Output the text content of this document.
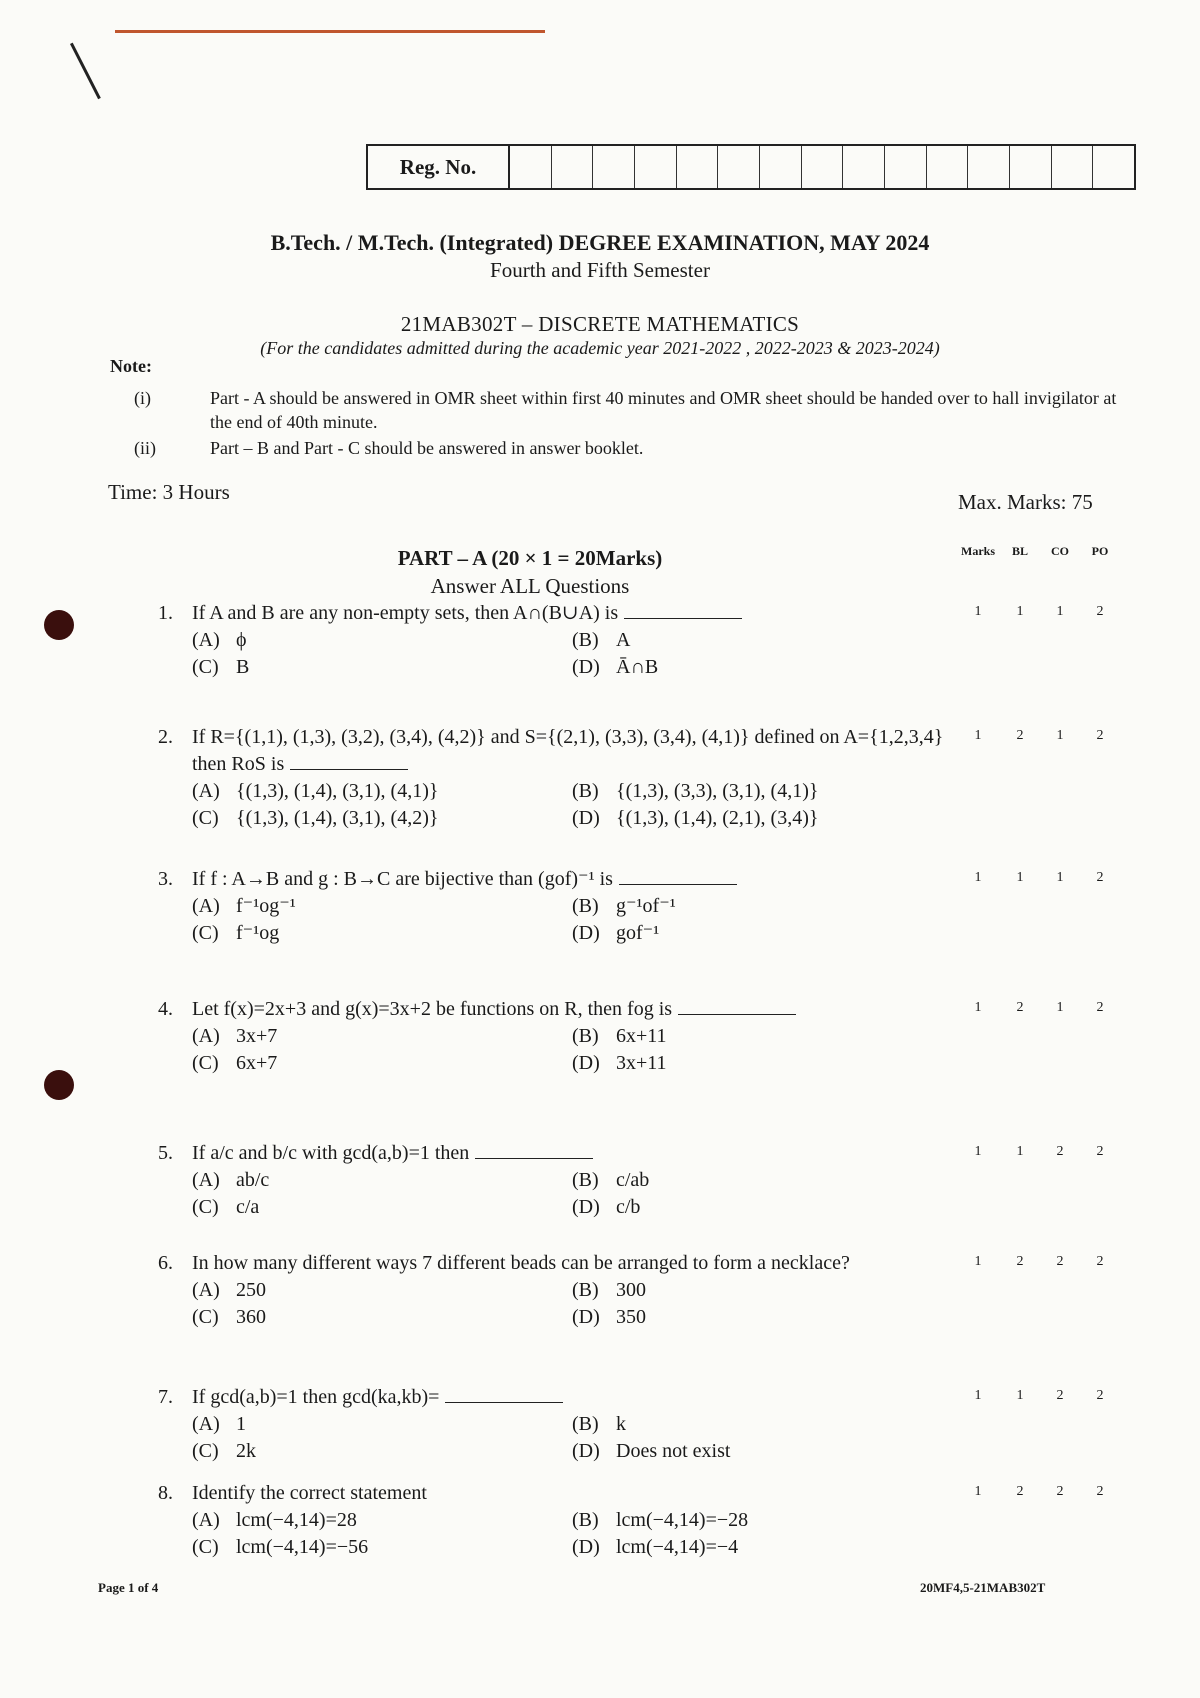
Reg. No.
B.Tech. / M.Tech. (Integrated) DEGREE EXAMINATION, MAY 2024
Fourth and Fifth Semester
21MAB302T – DISCRETE MATHEMATICS
(For the candidates admitted during the academic year 2021-2022 , 2022-2023 & 2023-2024)
Note:
(i)	Part - A should be answered in OMR sheet within first 40 minutes and OMR sheet should be handed over to hall invigilator at the end of 40th minute.
(ii)	Part – B and Part - C should be answered in answer booklet.
Time: 3 Hours	Max. Marks: 75
PART – A (20 × 1 = 20Marks)
Answer ALL Questions
Marks	BL	CO	PO
1. If A and B are any non-empty sets, then A∩(B∪A) is
(A) ϕ	(B) A
(C) B	(D) Ā∩B
1	1	1	2
2. If R={(1,1), (1,3), (3,2), (3,4), (4,2)} and S={(2,1), (3,3), (3,4), (4,1)} defined on A={1,2,3,4} then RoS is
(A) {(1,3), (1,4), (3,1), (4,1)}	(B) {(1,3), (3,3), (3,1), (4,1)}
(C) {(1,3), (1,4), (3,1), (4,2)}	(D) {(1,3), (1,4), (2,1), (3,4)}
1	2	1	2
3. If f : A→B and g : B→C are bijective than (gof)⁻¹ is
(A) f⁻¹og⁻¹	(B) g⁻¹of⁻¹
(C) f⁻¹og	(D) gof⁻¹
1	1	1	2
4. Let f(x)=2x+3 and g(x)=3x+2 be functions on R, then fog is
(A) 3x+7	(B) 6x+11
(C) 6x+7	(D) 3x+11
1	2	1	2
5. If a/c and b/c with gcd(a,b)=1 then
(A) ab/c	(B) c/ab
(C) c/a	(D) c/b
1	1	2	2
6. In how many different ways 7 different beads can be arranged to form a necklace?
(A) 250	(B) 300
(C) 360	(D) 350
1	2	2	2
7. If gcd(a,b)=1 then gcd(ka,kb)=
(A) 1	(B) k
(C) 2k	(D) Does not exist
1	1	2	2
8. Identify the correct statement
(A) lcm(−4,14)=28	(B) lcm(−4,14)=−28
(C) lcm(−4,14)=−56	(D) lcm(−4,14)=−4
1	2	2	2
Page 1 of 4	20MF4,5-21MAB302T
